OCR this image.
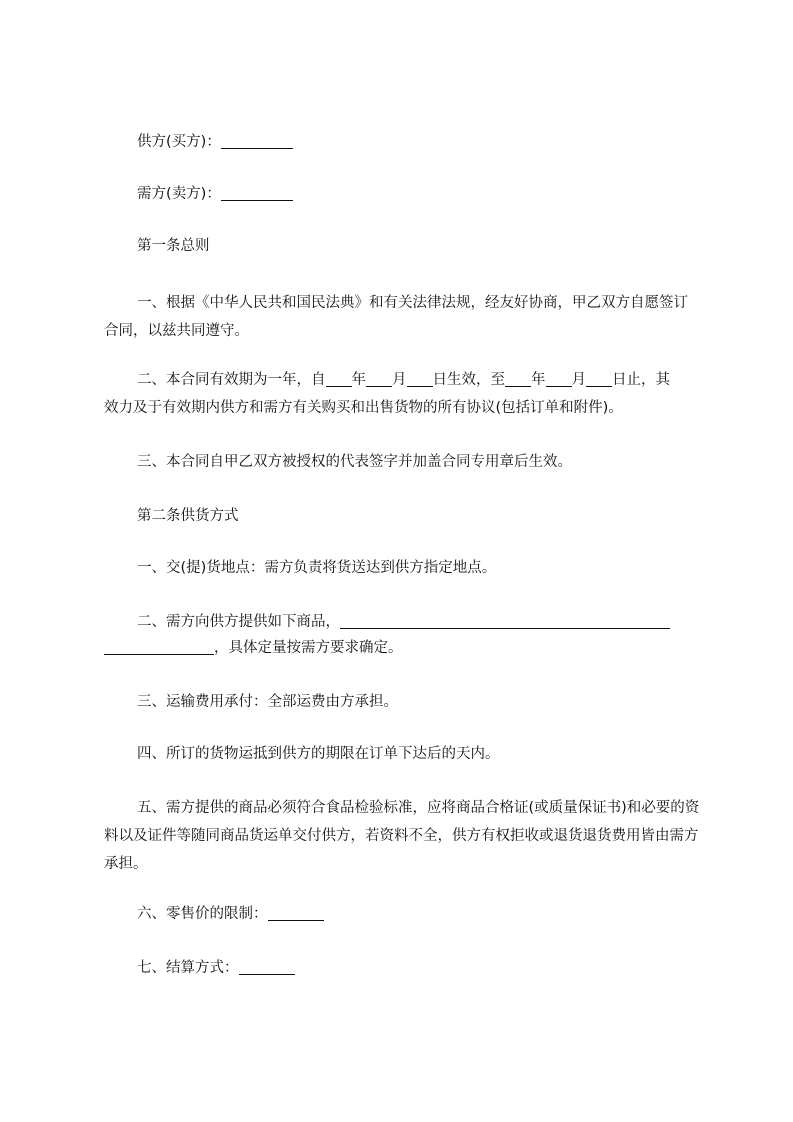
供方(买方)：
需方(卖方)：
第一条总则
一、根据《中华人民共和国民法典》和有关法律法规，经友好协商，甲乙双方自愿签订合同，以兹共同遵守。
二、本合同有效期为一年，自 年 月 日生效，至 年 月 日止，其
效力及于有效期内供方和需方有关购买和出售货物的所有协议(包括订单和附件)。
三、本合同自甲乙双方被授权的代表签字并加盖合同专用章后生效。
第二条供货方式
一、交(提)货地点：需方负责将货送达到供方指定地点。
二、需方向供方提供如下商品，
，具体定量按需方要求确定。
三、运输费用承付：全部运费由方承担。
四、所订的货物运抵到供方的期限在订单下达后的天内。
五、需方提供的商品必须符合食品检验标准，应将商品合格证(或质量保证书)和必要的资料以及证件等随同商品货运单交付供方，若资料不全，供方有权拒收或退货退货费用皆由需方承担。
六、零售价的限制：
七、结算方式：
